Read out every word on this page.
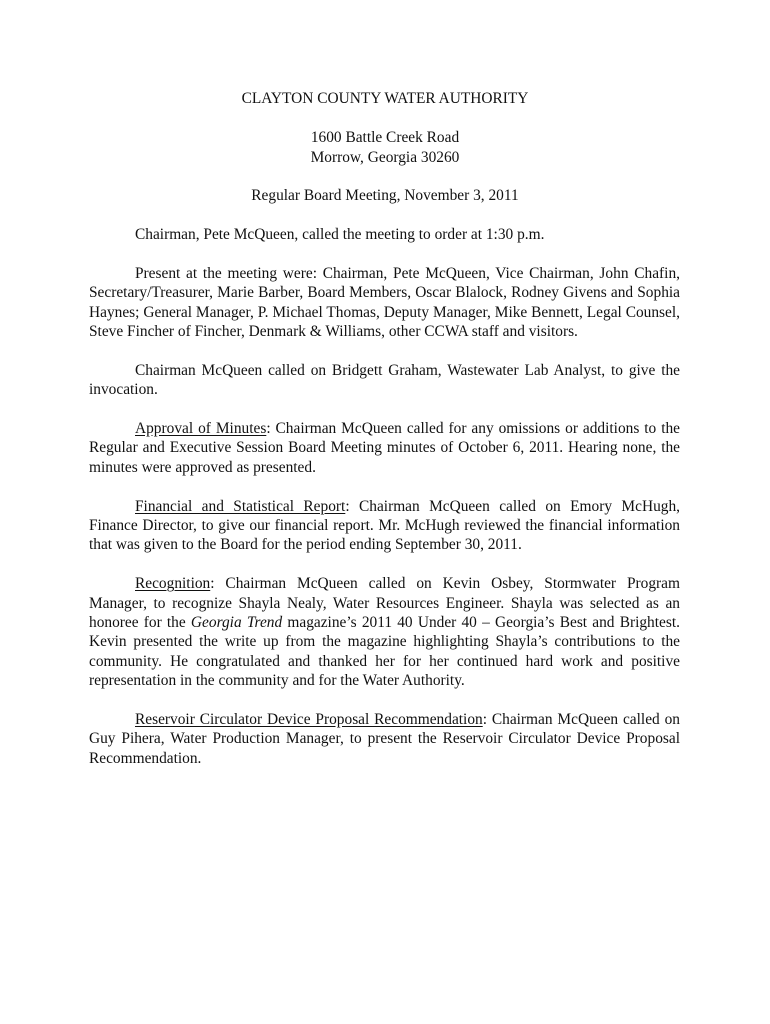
CLAYTON COUNTY WATER AUTHORITY
1600 Battle Creek Road
Morrow, Georgia 30260
Regular Board Meeting, November 3, 2011

Chairman, Pete McQueen, called the meeting to order at 1:30 p.m.

Present at the meeting were: Chairman, Pete McQueen, Vice Chairman, John Chafin, Secretary/Treasurer, Marie Barber, Board Members, Oscar Blalock, Rodney Givens and Sophia Haynes; General Manager, P. Michael Thomas, Deputy Manager, Mike Bennett, Legal Counsel, Steve Fincher of Fincher, Denmark & Williams, other CCWA staff and visitors.

Chairman McQueen called on Bridgett Graham, Wastewater Lab Analyst, to give the invocation.

Approval of Minutes: Chairman McQueen called for any omissions or additions to the Regular and Executive Session Board Meeting minutes of October 6, 2011. Hearing none, the minutes were approved as presented.

Financial and Statistical Report: Chairman McQueen called on Emory McHugh, Finance Director, to give our financial report. Mr. McHugh reviewed the financial information that was given to the Board for the period ending September 30, 2011.

Recognition: Chairman McQueen called on Kevin Osbey, Stormwater Program Manager, to recognize Shayla Nealy, Water Resources Engineer. Shayla was selected as an honoree for the Georgia Trend magazine’s 2011 40 Under 40 – Georgia’s Best and Brightest. Kevin presented the write up from the magazine highlighting Shayla’s contributions to the community. He congratulated and thanked her for her continued hard work and positive representation in the community and for the Water Authority.

Reservoir Circulator Device Proposal Recommendation: Chairman McQueen called on Guy Pihera, Water Production Manager, to present the Reservoir Circulator Device Proposal Recommendation.
